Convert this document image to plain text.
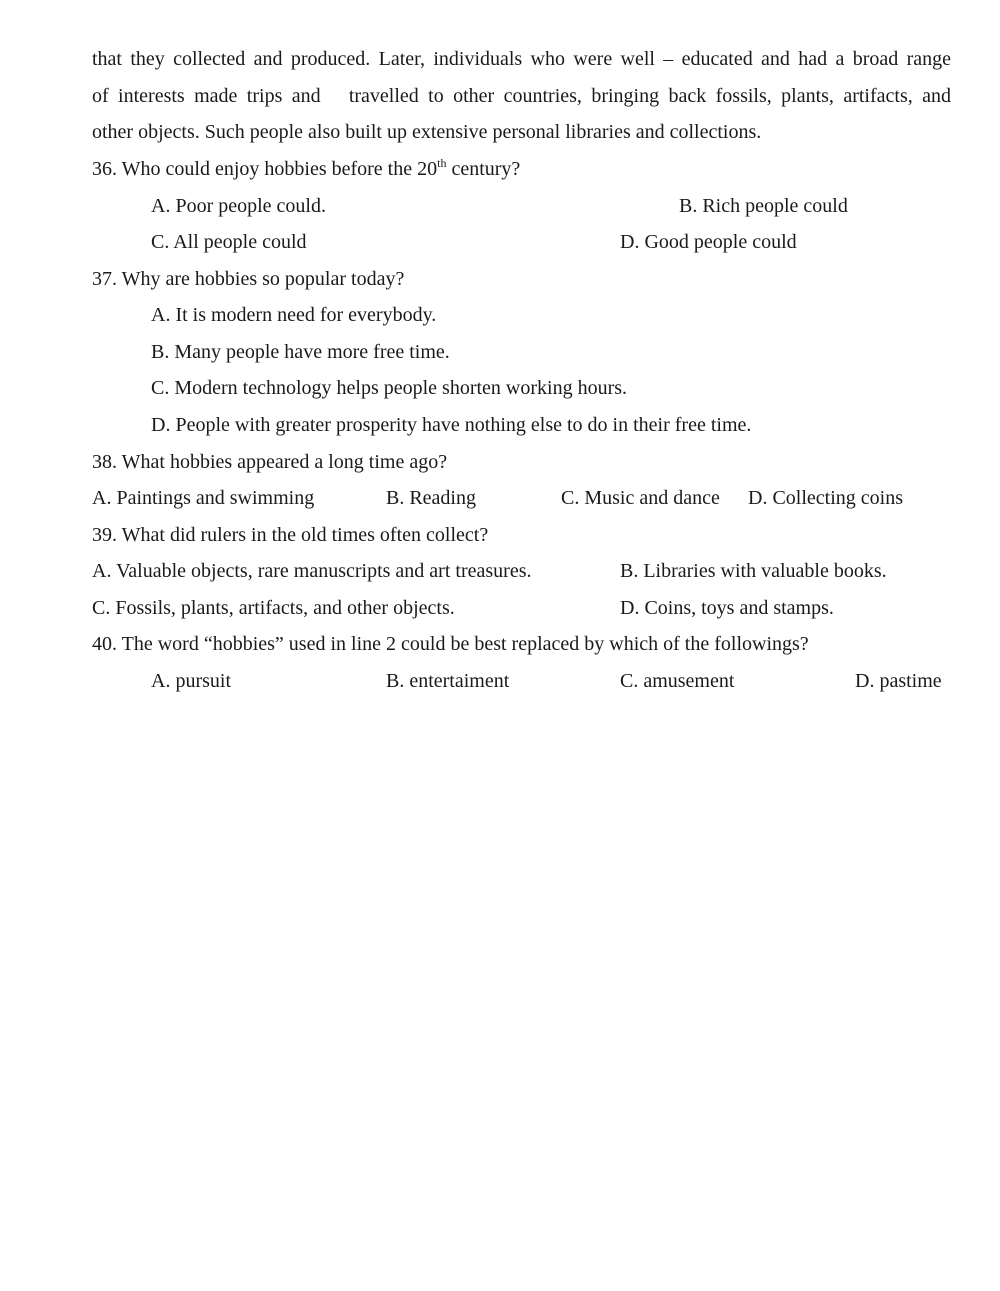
that they collected and produced. Later, individuals who were well – educated and had a broad range
of interests made trips and   travelled to other countries, bringing back fossils, plants, artifacts, and
other objects. Such people also built up extensive personal libraries and collections.
36. Who could enjoy hobbies before the 20th century?
A. Poor people could.	B. Rich people could
C. All people could	D. Good people could
37. Why are hobbies so popular today?
A. It is modern need for everybody.
B. Many people have more free time.
C. Modern technology helps people shorten working hours.
D. People with greater prosperity have nothing else to do in their free time.
38. What hobbies appeared a long time ago?
A. Paintings and swimming	B. Reading	C. Music and dance D. Collecting coins
39. What did rulers in the old times often collect?
A. Valuable objects, rare manuscripts and art treasures.	B. Libraries with valuable books.
C. Fossils, plants, artifacts, and other objects.	D. Coins, toys and stamps.
40. The word “hobbies” used in line 2 could be best replaced by which of the followings?
A. pursuit	B. entertaiment	C. amusement	D. pastime
